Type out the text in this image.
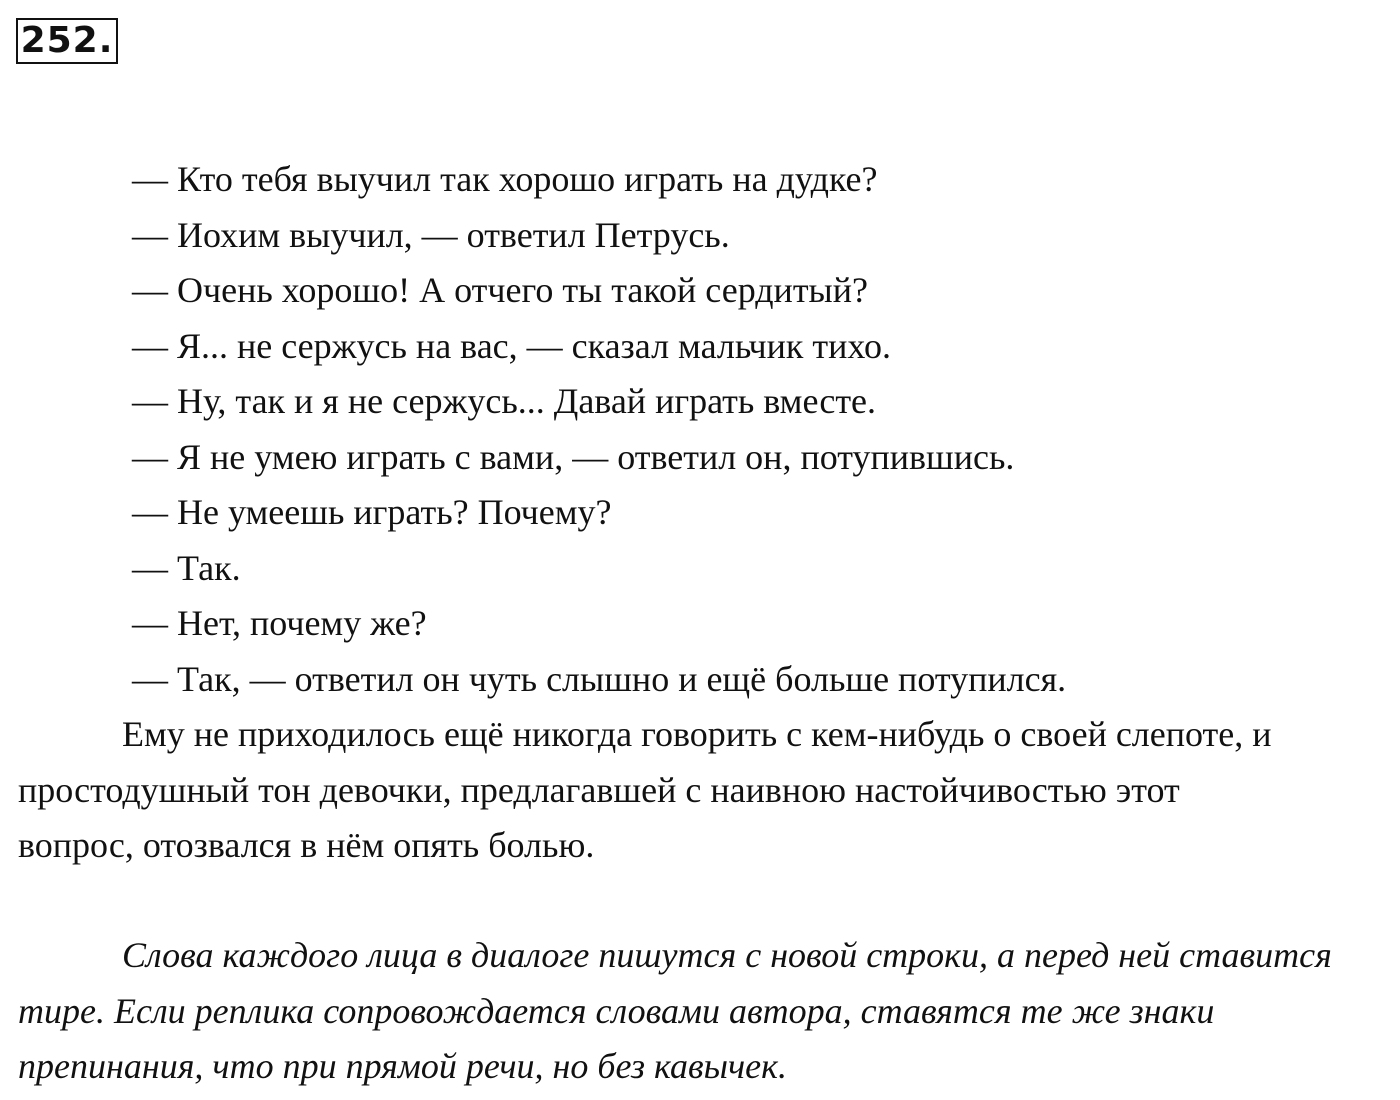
252.
— Кто тебя выучил так хорошо играть на дудке?
— Иохим выучил, — ответил Петрусь.
— Очень хорошо! А отчего ты такой сердитый?
— Я... не сержусь на вас, — сказал мальчик тихо.
— Ну, так и я не сержусь... Давай играть вместе.
— Я не умею играть с вами, — ответил он, потупившись.
— Не умеешь играть? Почему?
— Так.
— Нет, почему же?
— Так, — ответил он чуть слышно и ещё больше потупился.

Ему не приходилось ещё никогда говорить с кем-нибудь о своей слепоте, и простодушный тон девочки, предлагавшей с наивною настойчивостью этот вопрос, отозвался в нём опять болью.

Слова каждого лица в диалоге пишутся с новой строки, а перед ней ставится тире. Если реплика сопровождается словами автора, ставятся те же знаки препинания, что при прямой речи, но без кавычек.
